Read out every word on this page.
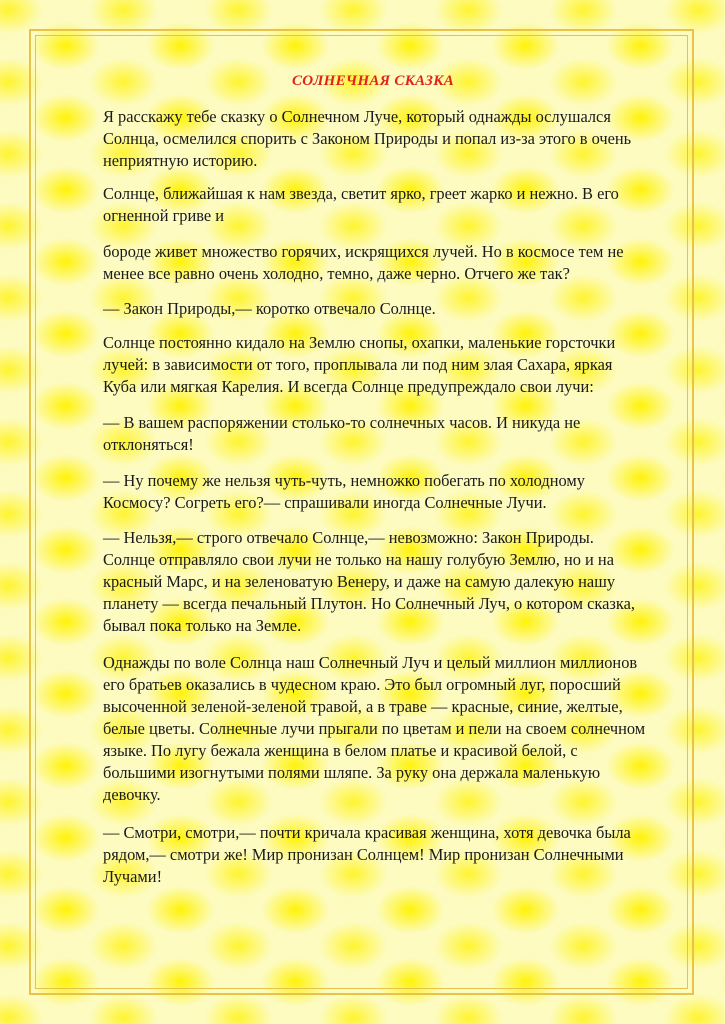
СОЛНЕЧНАЯ СКАЗКА
Я расскажу тебе сказку о Солнечном Луче, который однажды ослушался
Солнца, осмелился спорить с Законом Природы и попал из-за этого в очень
неприятную историю.
Солнце, ближайшая к нам звезда, светит ярко, греет жарко и нежно. В его
огненной гриве и
бороде живет множество горячих, искрящихся лучей. Но в космосе тем не
менее все равно очень холодно, темно, даже черно. Отчего же так?
— Закон Природы,— коротко отвечало Солнце.
Солнце постоянно кидало на Землю снопы, охапки, маленькие горсточки
лучей: в зависимости от того, проплывала ли под ним злая Сахара, яркая
Куба или мягкая Карелия. И всегда Солнце предупреждало свои лучи:
— В вашем распоряжении столько-то солнечных часов. И никуда не
отклоняться!
— Ну почему же нельзя чуть-чуть, немножко побегать по холодному
Космосу? Согреть его?— спрашивали иногда Солнечные Лучи.
— Нельзя,— строго отвечало Солнце,— невозможно: Закон Природы.
Солнце отправляло свои лучи не только на нашу голубую Землю, но и на
красный Марс, и на зеленоватую Венеру, и даже на самую далекую нашу
планету — всегда печальный Плутон. Но Солнечный Луч, о котором сказка,
бывал пока только на Земле.
Однажды по воле Солнца наш Солнечный Луч и целый миллион миллионов
его братьев оказались в чудесном краю. Это был огромный луг, поросший
высоченной зеленой-зеленой травой, а в траве — красные, синие, желтые,
белые цветы. Солнечные лучи прыгали по цветам и пели на своем солнечном
языке. По лугу бежала женщина в белом платье и красивой белой, с
большими изогнутыми полями шляпе. За руку она держала маленькую
девочку.
— Смотри, смотри,— почти кричала красивая женщина, хотя девочка была
рядом,— смотри же! Мир пронизан Солнцем! Мир пронизан Солнечными
Лучами!
